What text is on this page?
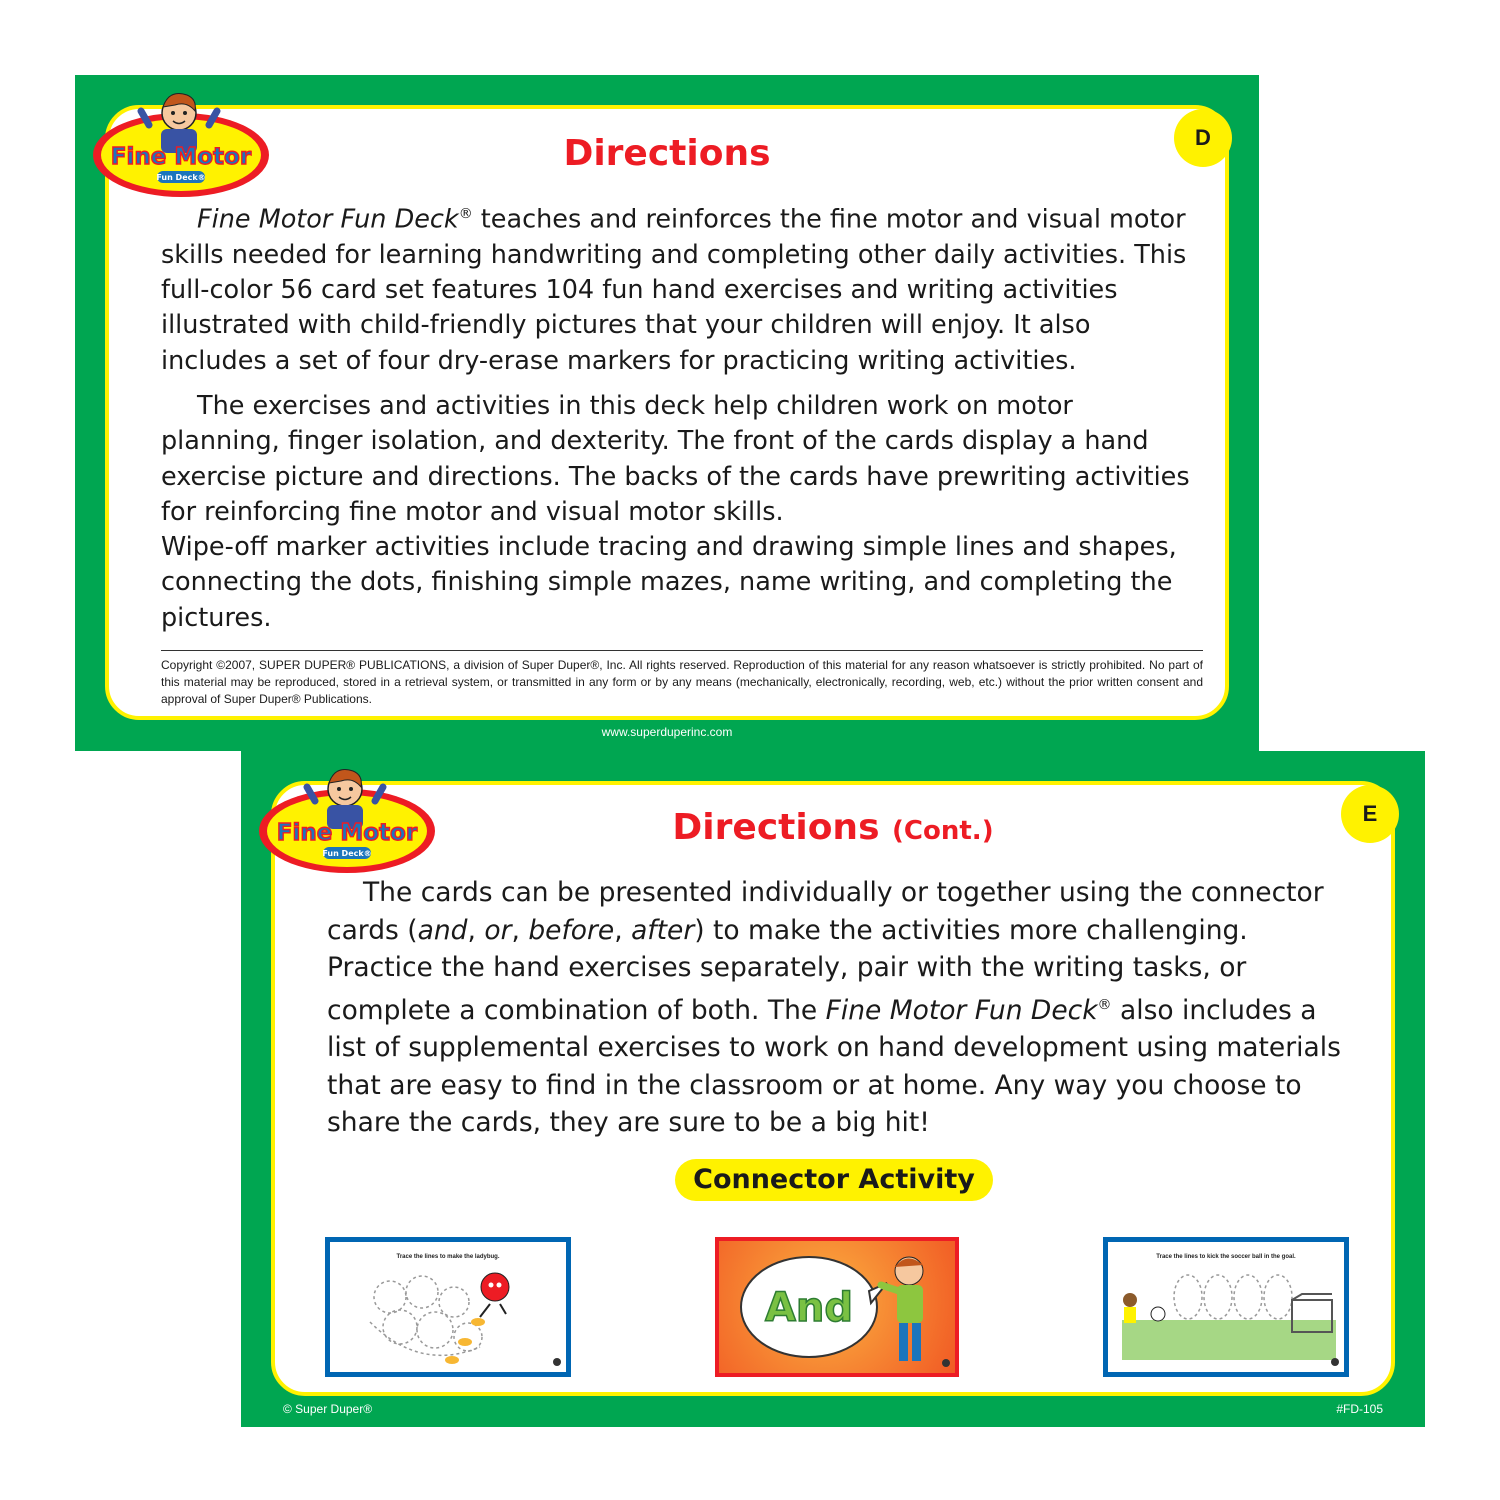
D
Directions

Fine Motor Fun Deck® teaches and reinforces the fine motor and visual motor skills needed for learning handwriting and completing other daily activities. This full-color 56 card set features 104 fun hand exercises and writing activities illustrated with child-friendly pictures that your children will enjoy. It also includes a set of four dry-erase markers for practicing writing activities.

The exercises and activities in this deck help children work on motor planning, finger isolation, and dexterity. The front of the cards display a hand exercise picture and directions. The backs of the cards have prewriting activities for reinforcing fine motor and visual motor skills.

Wipe-off marker activities include tracing and drawing simple lines and shapes, connecting the dots, finishing simple mazes, name writing, and completing the pictures.

Copyright ©2007, SUPER DUPER® PUBLICATIONS, a division of Super Duper®, Inc. All rights reserved. Reproduction of this material for any reason whatsoever is strictly prohibited. No part of this material may be reproduced, stored in a retrieval system, or transmitted in any form or by any means (mechanically, electronically, recording, web, etc.) without the prior written consent and approval of Super Duper® Publications.
Fine Motor
Fun Deck®
www.superduperinc.com
E
Directions (Cont.)

The cards can be presented individually or together using the connector cards (and, or, before, after) to make the activities more challenging. Practice the hand exercises separately, pair with the writing tasks, or complete a combination of both. The Fine Motor Fun Deck® also includes a list of supplemental exercises to work on hand development using materials that are easy to find in the classroom or at home. Any way you choose to share the cards, they are sure to be a big hit!

Connector Activity
Trace the lines to make the ladybug.
And
Trace the lines to kick the soccer ball in the goal.
Fine Motor
Fun Deck®
© Super Duper®	#FD-105
